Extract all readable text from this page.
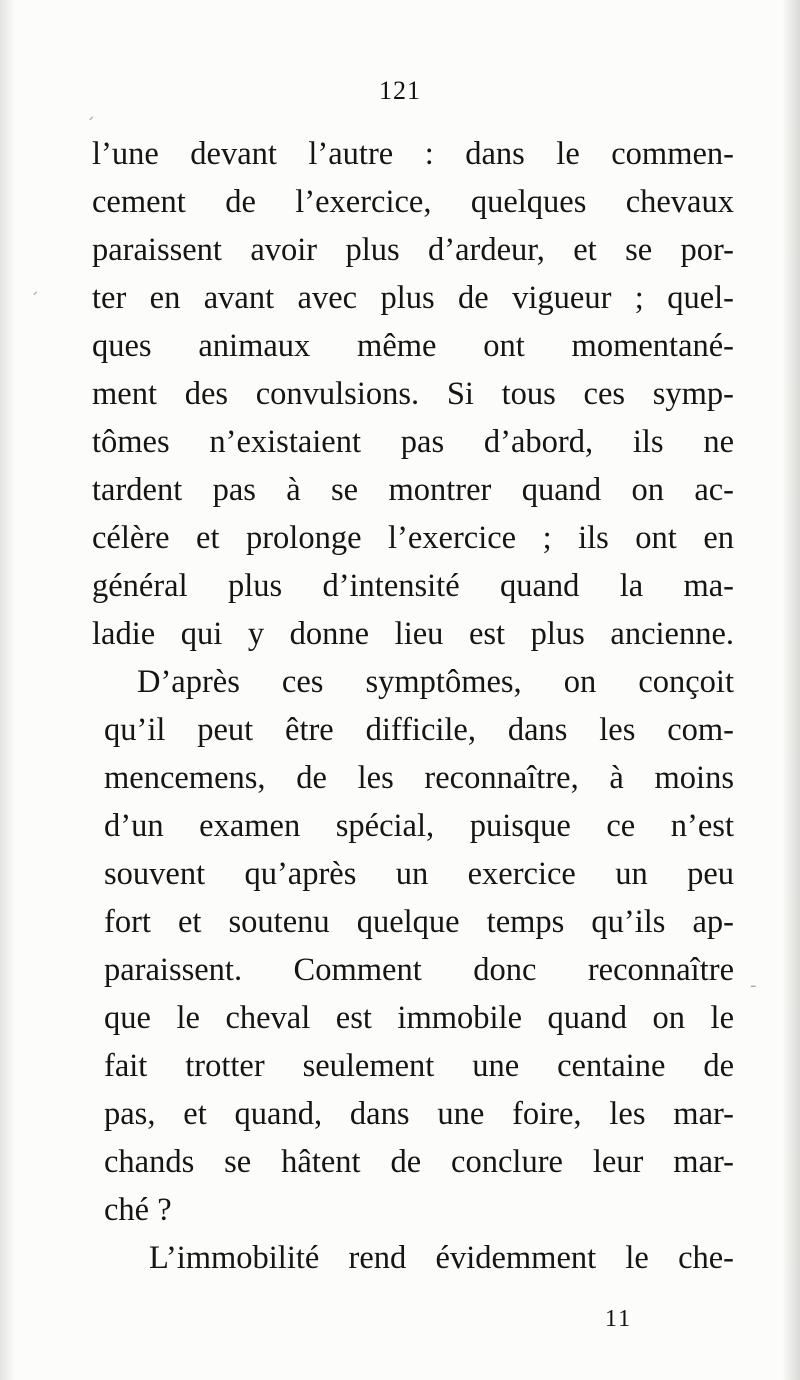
121
l’une devant l’autre : dans le commen-
cement de l’exercice, quelques chevaux
paraissent avoir plus d’ardeur, et se por-
ter en avant avec plus de vigueur ; quel-
ques animaux même ont momentané-
ment des convulsions. Si tous ces symp-
tômes n’existaient pas d’abord, ils ne
tardent pas à se montrer quand on ac-
célère et prolonge l’exercice ; ils ont en
général plus d’intensité quand la ma-
ladie qui y donne lieu est plus ancienne.
D’après ces symptômes, on conçoit
qu’il peut être difficile, dans les com-
mencemens, de les reconnaître, à moins
d’un examen spécial, puisque ce n’est
souvent qu’après un exercice un peu
fort et soutenu quelque temps qu’ils ap-
paraissent. Comment donc reconnaître
que le cheval est immobile quand on le
fait trotter seulement une centaine de
pas, et quand, dans une foire, les mar-
chands se hâtent de conclure leur mar-
ché ?
L’immobilité rend évidemment le che-
11
ˏ
ˊ
-
